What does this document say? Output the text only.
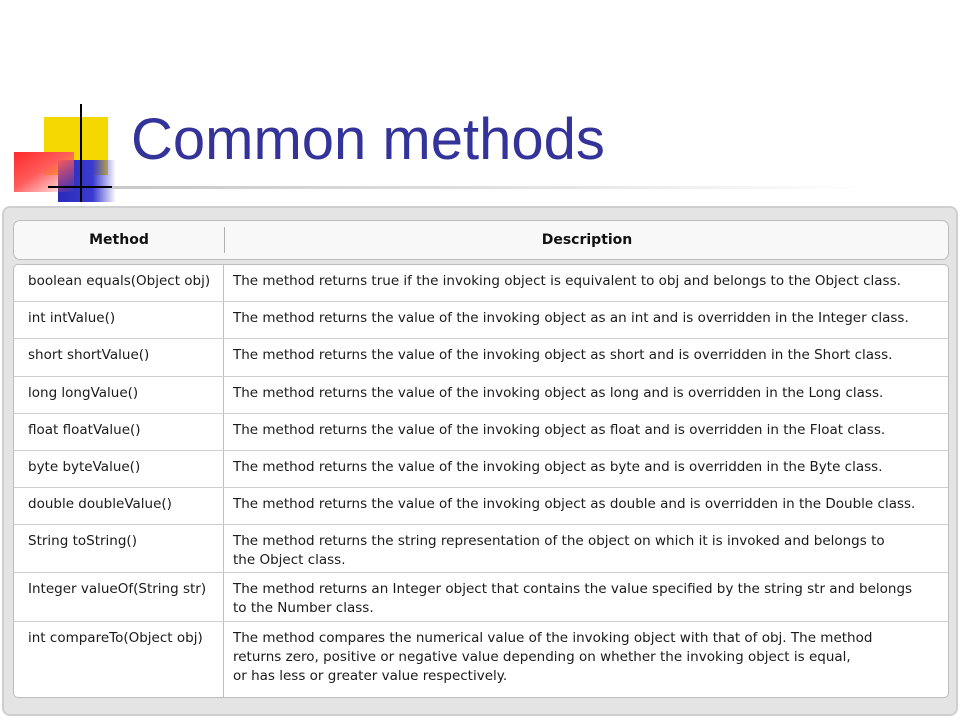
Common methods
Method	Description
boolean equals(Object obj)	The method returns true if the invoking object is equivalent to obj and belongs to the Object class.
int intValue()	The method returns the value of the invoking object as an int and is overridden in the Integer class.
short shortValue()	The method returns the value of the invoking object as short and is overridden in the Short class.
long longValue()	The method returns the value of the invoking object as long and is overridden in the Long class.
float floatValue()	The method returns the value of the invoking object as float and is overridden in the Float class.
byte byteValue()	The method returns the value of the invoking object as byte and is overridden in the Byte class.
double doubleValue()	The method returns the value of the invoking object as double and is overridden in the Double class.
String toString()	The method returns the string representation of the object on which it is invoked and belongs to
the Object class.
Integer valueOf(String str)	The method returns an Integer object that contains the value specified by the string str and belongs
to the Number class.
int compareTo(Object obj)	The method compares the numerical value of the invoking object with that of obj. The method
returns zero, positive or negative value depending on whether the invoking object is equal,
or has less or greater value respectively.
